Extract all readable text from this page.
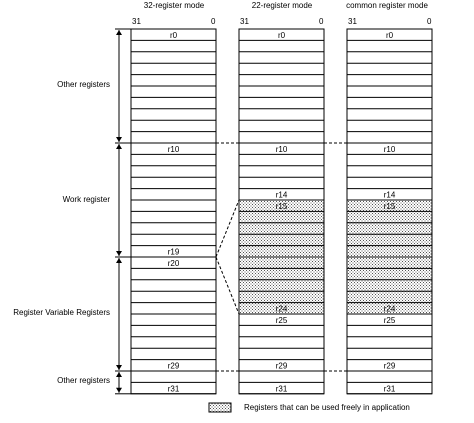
32-register mode	22-register mode	common register mode
31	0	31	0	31	0
Other registers
Work register
Register Variable Registers
Other registers
Registers that can be used freely in application
r0
r10
r19
r20
r29
r31
r0
r10
r14
r15
r24
r25
r29
r31
r0
r10
r14
r15
r24
r25
r29
r31
